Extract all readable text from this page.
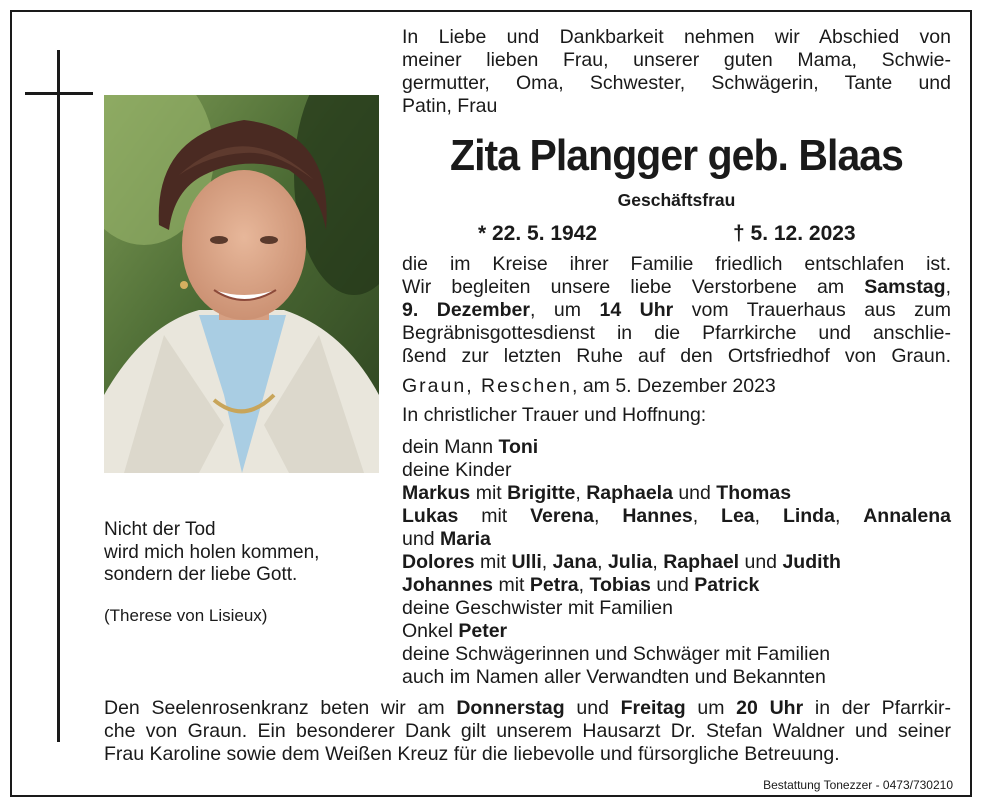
In Liebe und Dankbarkeit nehmen wir Abschied von
meiner lieben Frau, unserer guten Mama, Schwie-
germutter, Oma, Schwester, Schwägerin, Tante und
Patin, Frau
Zita Plangger geb. Blaas
Geschäftsfrau
* 22. 5. 1942	† 5. 12. 2023
die im Kreise ihrer Familie friedlich entschlafen ist.
Wir begleiten unsere liebe Verstorbene am Samstag,
9. Dezember, um 14 Uhr vom Trauerhaus aus zum
Begräbnisgottesdienst in die Pfarrkirche und anschlie-
ßend zur letzten Ruhe auf den Ortsfriedhof von Graun.
Graun, Reschen, am 5. Dezember 2023
In christlicher Trauer und Hoffnung:
dein Mann Toni
deine Kinder
Markus mit Brigitte, Raphaela und Thomas
Lukas mit Verena, Hannes, Lea, Linda, Annalena
und Maria
Dolores mit Ulli, Jana, Julia, Raphael und Judith
Johannes mit Petra, Tobias und Patrick
deine Geschwister mit Familien
Onkel Peter
deine Schwägerinnen und Schwäger mit Familien
auch im Namen aller Verwandten und Bekannten
Nicht der Tod
wird mich holen kommen,
sondern der liebe Gott.
(Therese von Lisieux)
Den Seelenrosenkranz beten wir am Donnerstag und Freitag um 20 Uhr in der Pfarrkir-
che von Graun. Ein besonderer Dank gilt unserem Hausarzt Dr. Stefan Waldner und seiner
Frau Karoline sowie dem Weißen Kreuz für die liebevolle und fürsorgliche Betreuung.
Bestattung Tonezzer - 0473/730210
